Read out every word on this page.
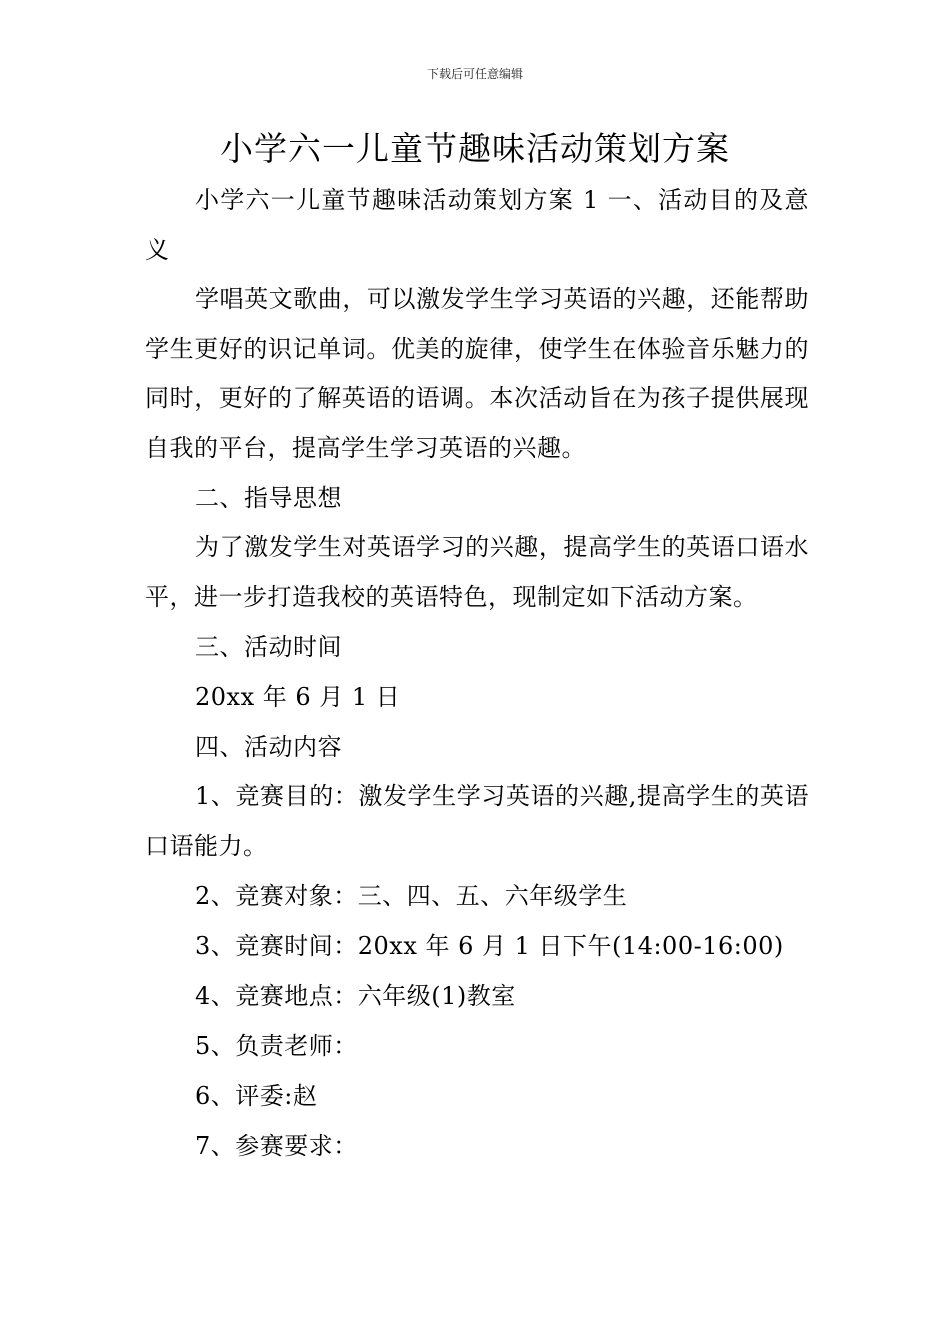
下载后可任意编辑
小学六一儿童节趣味活动策划方案

小学六一儿童节趣味活动策划方案 1 一、活动目的及意义

学唱英文歌曲，可以激发学生学习英语的兴趣，还能帮助学生更好的识记单词。优美的旋律，使学生在体验音乐魅力的同时，更好的了解英语的语调。本次活动旨在为孩子提供展现自我的平台，提高学生学习英语的兴趣。

二、指导思想

为了激发学生对英语学习的兴趣，提高学生的英语口语水平，进一步打造我校的英语特色，现制定如下活动方案。

三、活动时间

20xx 年 6 月 1 日

四、活动内容

1、竞赛目的：激发学生学习英语的兴趣,提高学生的英语口语能力。

2、竞赛对象：三、四、五、六年级学生

3、竞赛时间：20xx 年 6 月 1 日下午(14:00-16:00)

4、竞赛地点：六年级(1)教室

5、负责老师：

6、评委:赵

7、参赛要求：
